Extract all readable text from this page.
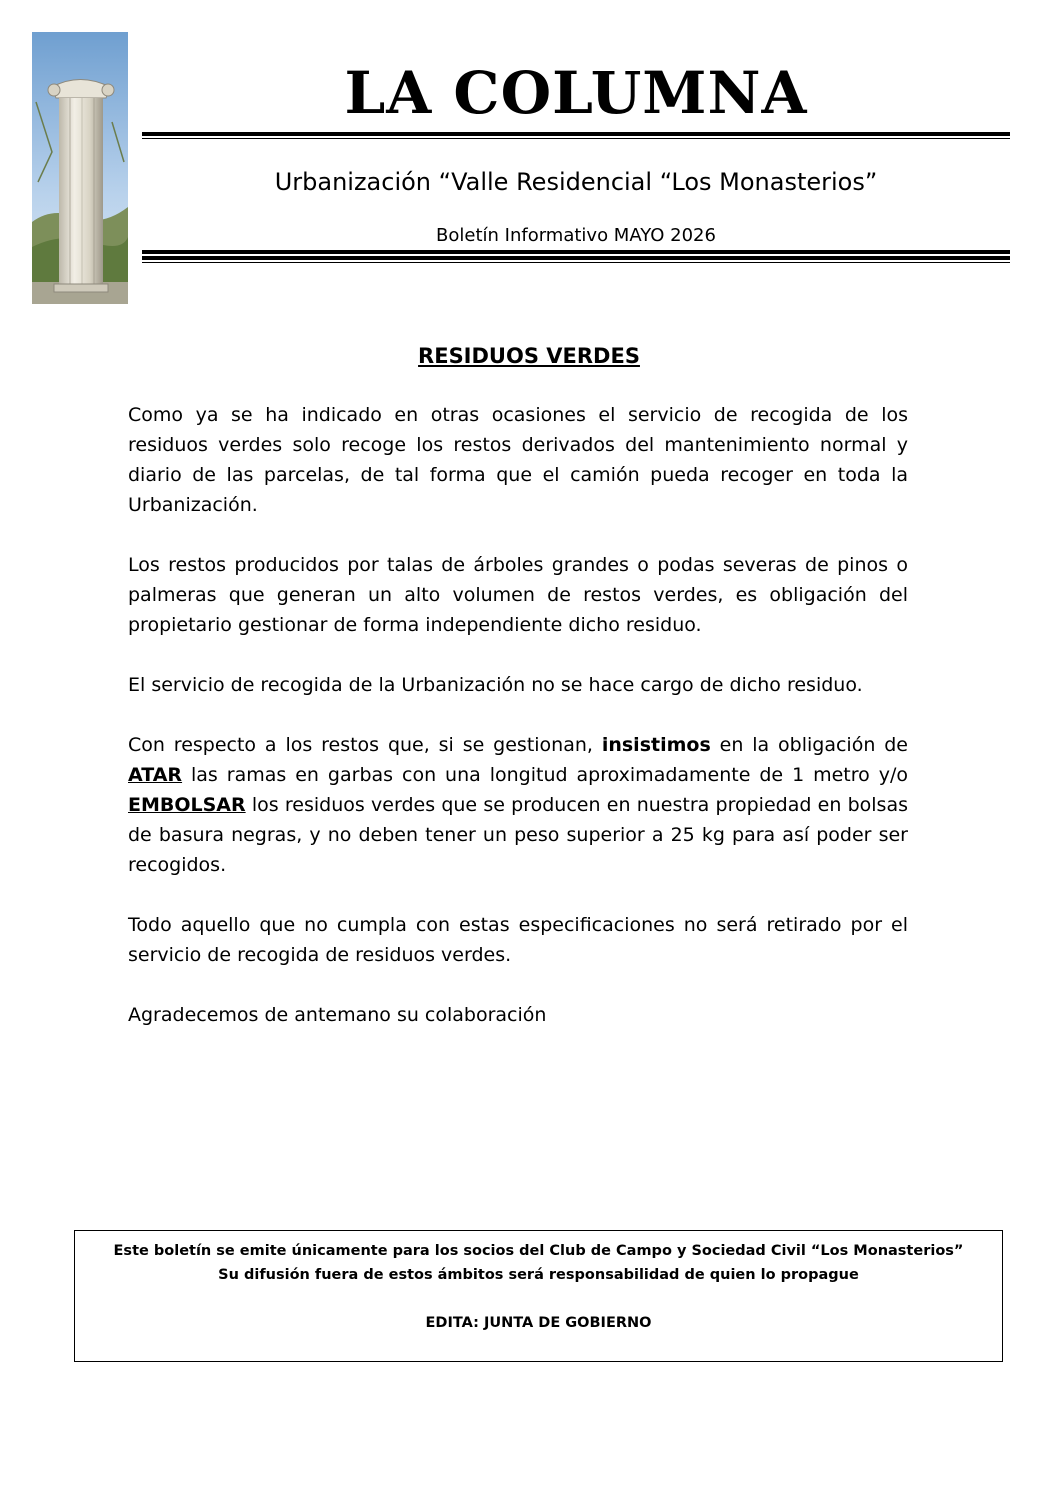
LA COLUMNA
Urbanización “Valle Residencial “Los Monasterios”
Boletín Informativo MAYO 2026
RESIDUOS VERDES

Como ya se ha indicado en otras ocasiones el servicio de recogida de los residuos verdes solo recoge los restos derivados del mantenimiento normal y diario de las parcelas, de tal forma que el camión pueda recoger en toda la Urbanización.

Los restos producidos por talas de árboles grandes o podas severas de pinos o palmeras que generan un alto volumen de restos verdes, es obligación del propietario gestionar de forma independiente dicho residuo.

El servicio de recogida de la Urbanización no se hace cargo de dicho residuo.

Con respecto a los restos que, si se gestionan, insistimos en la obligación de ATAR las ramas en garbas con una longitud aproximadamente de 1 metro y/o EMBOLSAR los residuos verdes que se producen en nuestra propiedad en bolsas de basura negras, y no deben tener un peso superior a 25 kg para así poder ser recogidos.

Todo aquello que no cumpla con estas especificaciones no será retirado por el servicio de recogida de residuos verdes.

Agradecemos de antemano su colaboración

Este boletín se emite únicamente para los socios del Club de Campo y Sociedad Civil “Los Monasterios”
Su difusión fuera de estos ámbitos será responsabilidad de quien lo propague
EDITA: JUNTA DE GOBIERNO
